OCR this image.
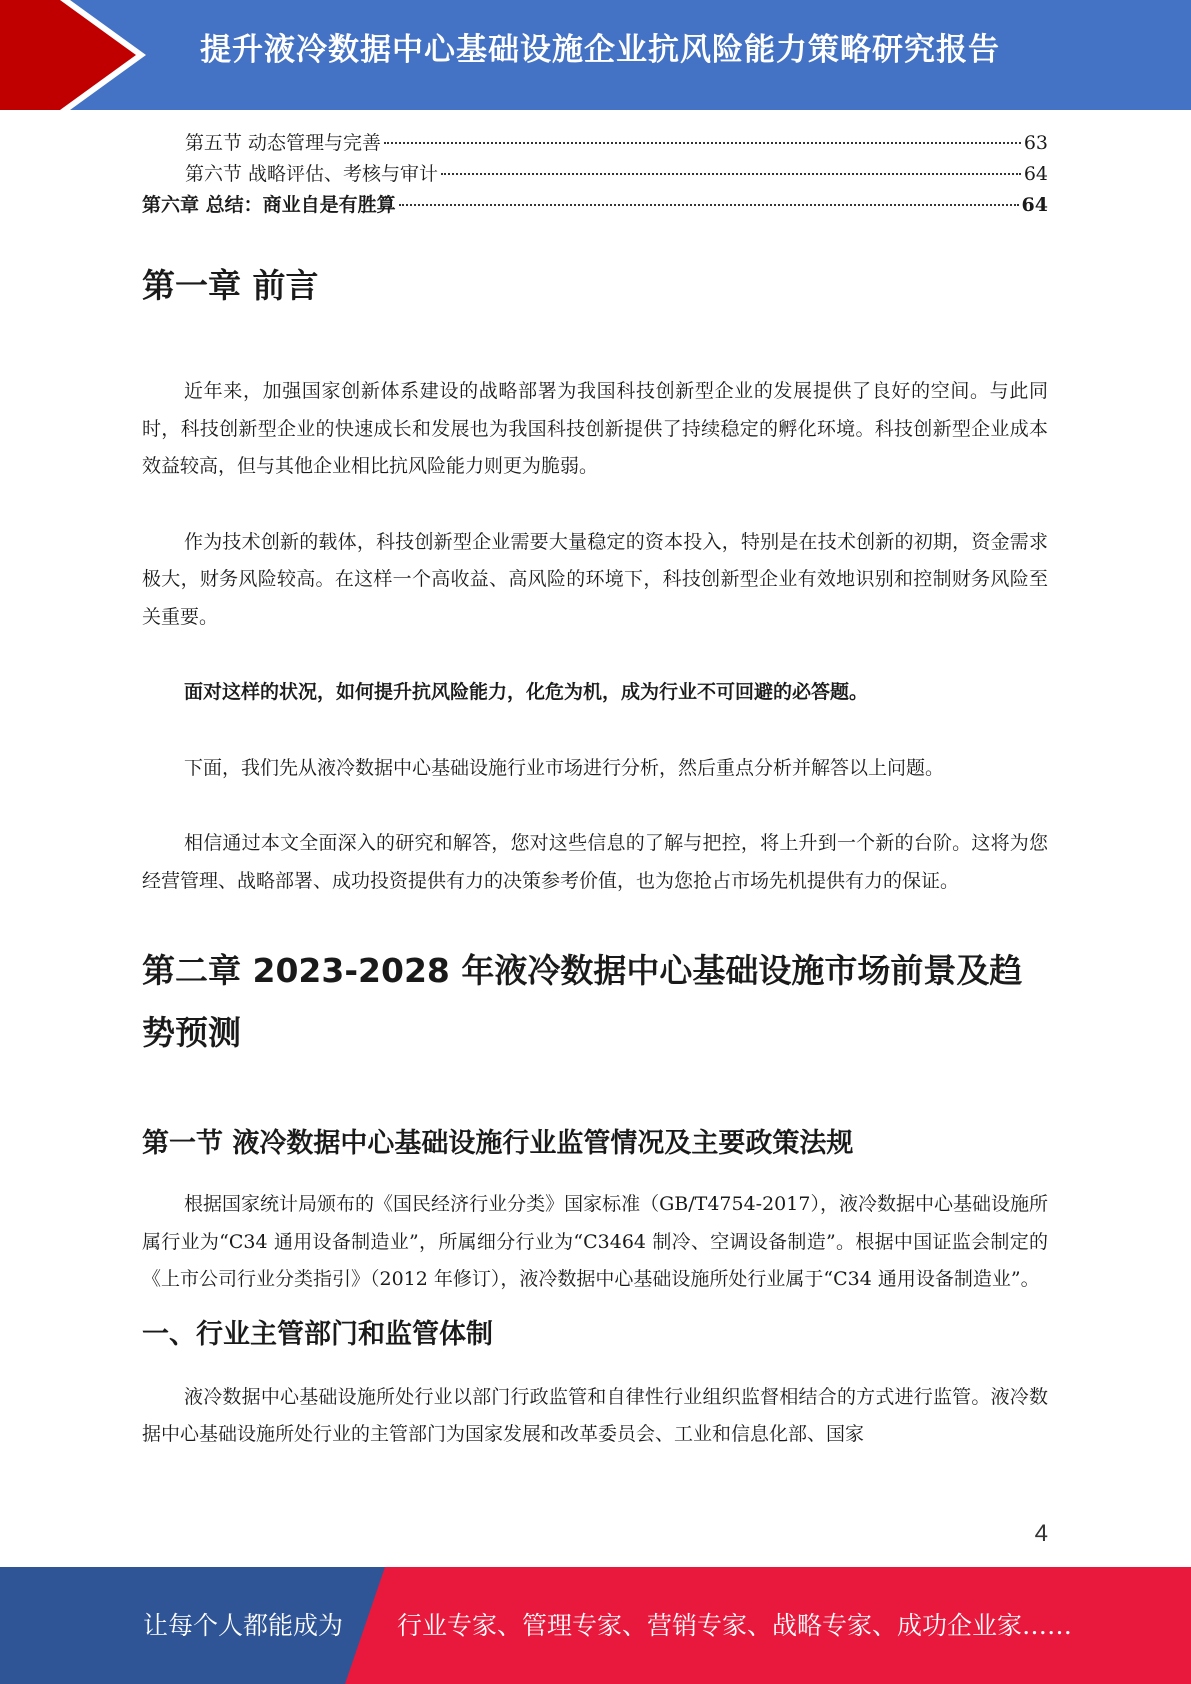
提升液冷数据中心基础设施企业抗风险能力策略研究报告
第五节 动态管理与完善	63
第六节 战略评估、考核与审计	64
第六章 总结：商业自是有胜算	64
第一章 前言

近年来，加强国家创新体系建设的战略部署为我国科技创新型企业的发展提供了良好的空间。与此同时，科技创新型企业的快速成长和发展也为我国科技创新提供了持续稳定的孵化环境。科技创新型企业成本效益较高，但与其他企业相比抗风险能力则更为脆弱。

作为技术创新的载体，科技创新型企业需要大量稳定的资本投入，特别是在技术创新的初期，资金需求极大，财务风险较高。在这样一个高收益、高风险的环境下，科技创新型企业有效地识别和控制财务风险至关重要。

面对这样的状况，如何提升抗风险能力，化危为机，成为行业不可回避的必答题。

下面，我们先从液冷数据中心基础设施行业市场进行分析，然后重点分析并解答以上问题。

相信通过本文全面深入的研究和解答，您对这些信息的了解与把控，将上升到一个新的台阶。这将为您经营管理、战略部署、成功投资提供有力的决策参考价值，也为您抢占市场先机提供有力的保证。

第二章 2023-2028 年液冷数据中心基础设施市场前景及趋势预测
第一节 液冷数据中心基础设施行业监管情况及主要政策法规

根据国家统计局颁布的《国民经济行业分类》国家标准（GB/T4754-2017），液冷数据中心基础设施所属行业为“C34 通用设备制造业”，所属细分行业为“C3464 制冷、空调设备制造”。根据中国证监会制定的《上市公司行业分类指引》（2012 年修订），液冷数据中心基础设施所处行业属于“C34 通用设备制造业”。

一、行业主管部门和监管体制

液冷数据中心基础设施所处行业以部门行政监管和自律性行业组织监督相结合的方式进行监管。液冷数据中心基础设施所处行业的主管部门为国家发展和改革委员会、工业和信息化部、国家

4
让每个人都能成为 行业专家、管理专家、营销专家、战略专家、成功企业家……
